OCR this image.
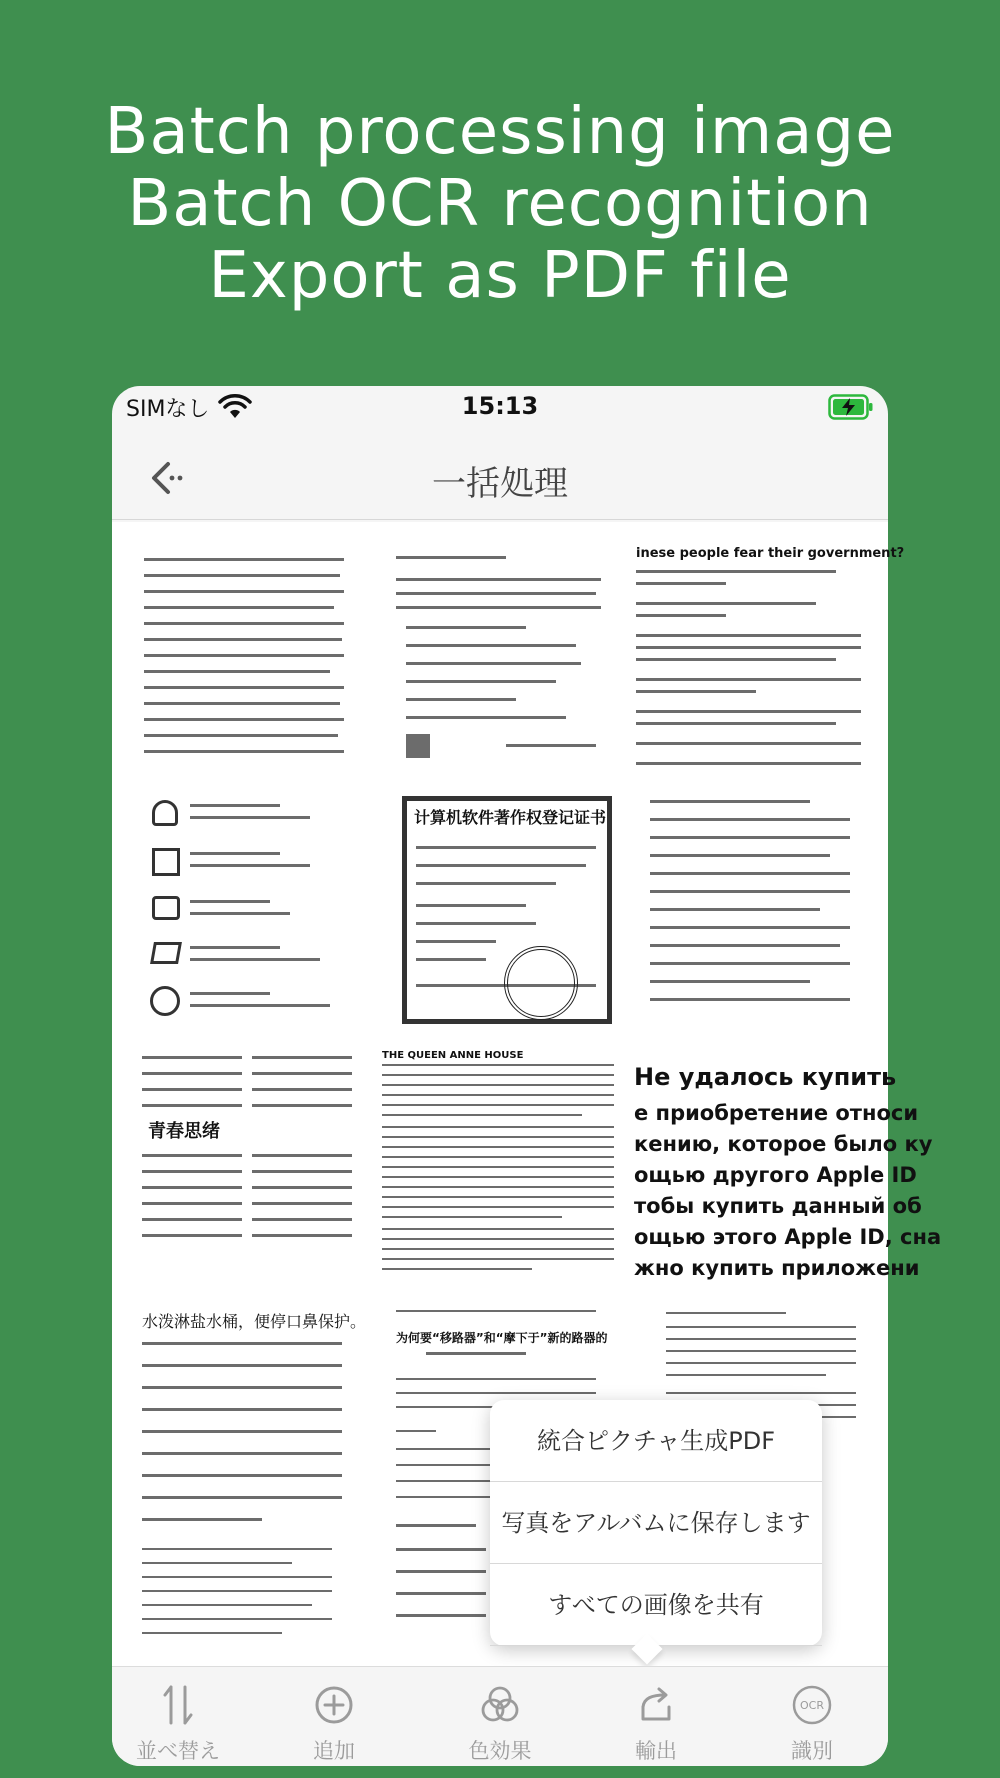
Batch processing image
Batch OCR recognition
Export as PDF file
SIMなし	15:13
一括処理
inese people fear their government?
计算机软件著作权登记证书
青春思绪
THE QUEEN ANNE HOUSE
Не удалось купить
е приобретение относи
кению, которое было ку
ощью другого Apple ID
тобы купить данный об
ощью этого Apple ID, сна
жно купить приложени
水泼淋盐水桶，便停口鼻保护。
为何要“移路器”和“摩下于”新的路器的
統合ピクチャ生成PDF
写真をアルバムに保存します
すべての画像を共有
並べ替え	追加	色効果	輸出
OCR
識別
